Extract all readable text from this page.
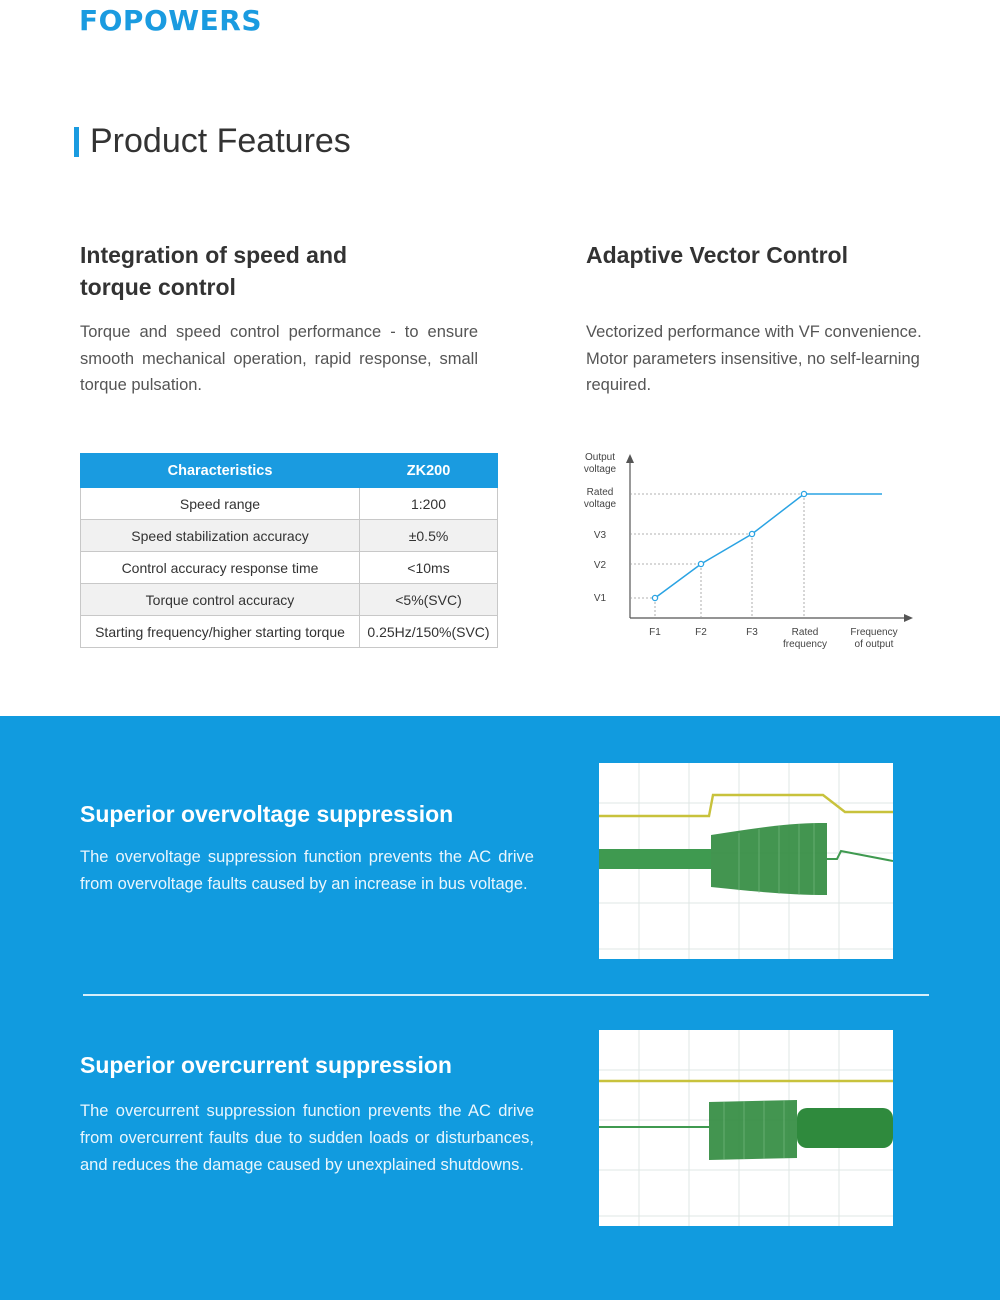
FOPOWERS
Product Features
Integration of speed and
torque control
Torque and speed control performance - to ensure smooth mechanical operation, rapid response, small torque pulsation.
Adaptive Vector Control
Vectorized performance with VF convenience. Motor parameters insensitive, no self-learning required.
Characteristics	ZK200
Speed range	1:200
Speed stabilization accuracy	±0.5%
Control accuracy response time	<10ms
Torque control accuracy	<5%(SVC)
Starting frequency/higher starting torque	0.25Hz/150%(SVC)
Output
voltage
Rated
voltage
V3
V2
V1
F1	F2	F3	Rated
frequency
Frequency
of output
Superior overvoltage suppression
The overvoltage suppression function prevents the AC drive from overvoltage faults caused by an increase in bus voltage.
Superior overcurrent suppression
The overcurrent suppression function prevents the AC drive from overcurrent faults due to sudden loads or disturbances, and reduces the damage caused by unexplained shutdowns.
